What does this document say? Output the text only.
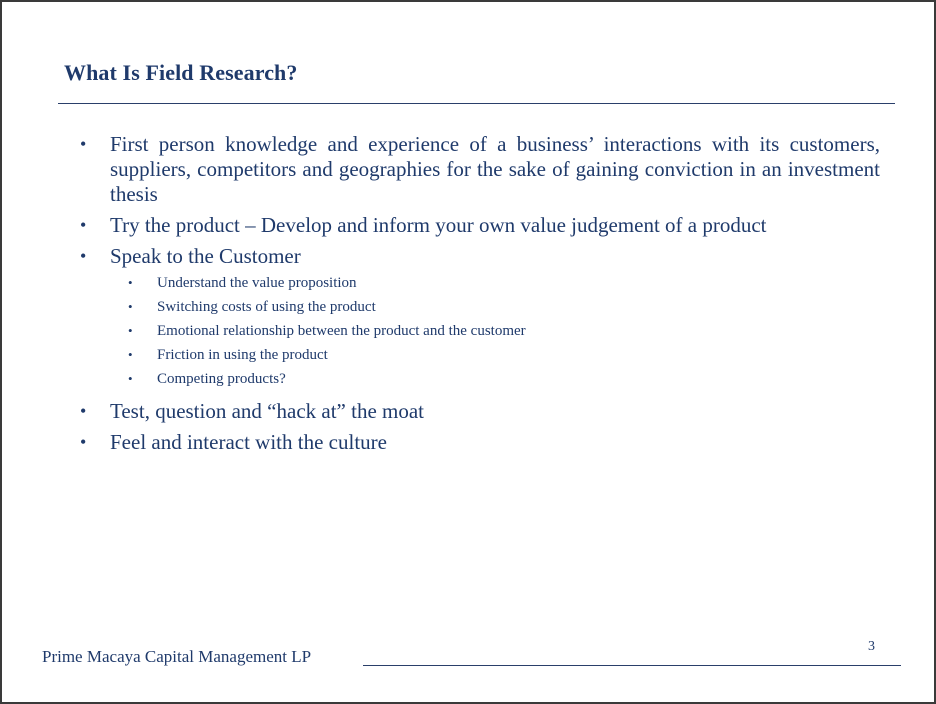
What Is Field Research?
• First person knowledge and experience of a business’ interactions with its customers, suppliers, competitors and geographies for the sake of gaining conviction in an investment thesis
• Try the product – Develop and inform your own value judgement of a product
• Speak to the Customer
• Understand the value proposition
• Switching costs of using the product
• Emotional relationship between the product and the customer
• Friction in using the product
• Competing products?
• Test, question and “hack at” the moat
• Feel and interact with the culture
Prime Macaya Capital Management LP
3
